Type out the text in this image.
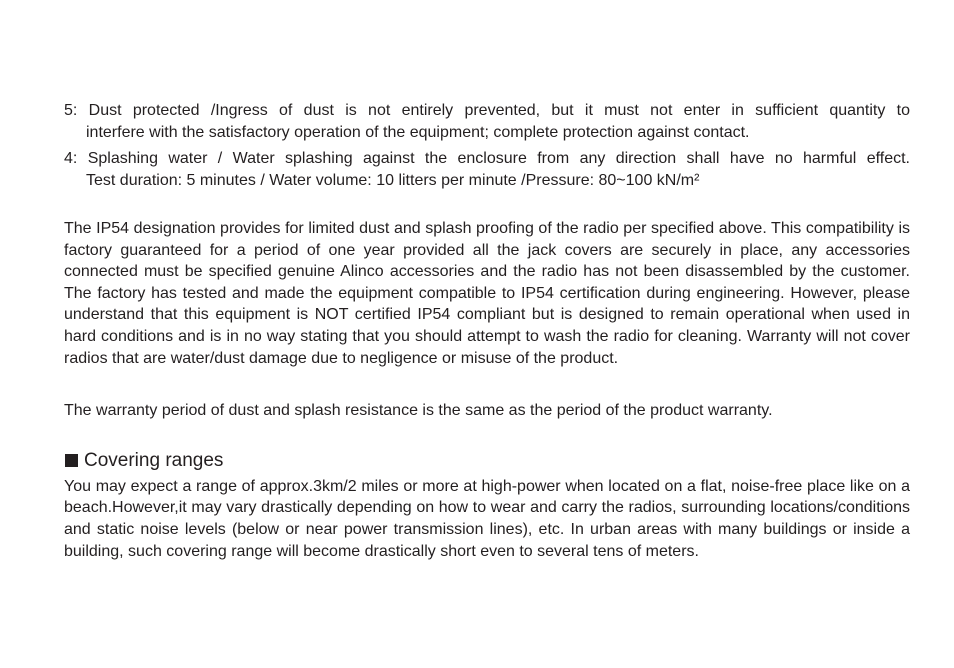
5: Dust protected /Ingress of dust is not entirely prevented, but it must not enter in sufficient quantity to
interfere with the satisfactory operation of the equipment; complete protection against contact.
4: Splashing water / Water splashing against the enclosure from any direction shall have no harmful effect.
Test duration: 5 minutes / Water volume: 10 litters per minute /Pressure: 80~100 kN/m²

The IP54 designation provides for limited dust and splash proofing of the radio per specified above. This compatibility is factory guaranteed for a period of one year provided all the jack covers are securely in place, any accessories connected must be specified genuine Alinco accessories and the radio has not been disassembled by the customer. The factory has tested and made the equipment compatible to IP54 certification during engineering. However, please understand that this equipment is NOT certified IP54 compliant but is designed to remain operational when used in hard conditions and is in no way stating that you should attempt to wash the radio for cleaning. Warranty will not cover radios that are water/dust damage due to negligence or misuse of the product.

The warranty period of dust and splash resistance is the same as the period of the product warranty.

Covering ranges

You may expect a range of approx.3km/2 miles or more at high-power when located on a flat, noise-free place like on a beach.However,it may vary drastically depending on how to wear and carry the radios, surrounding locations/conditions and static noise levels (below or near power transmission lines), etc. In urban areas with many buildings or inside a building, such covering range will become drastically short even to several tens of meters.
